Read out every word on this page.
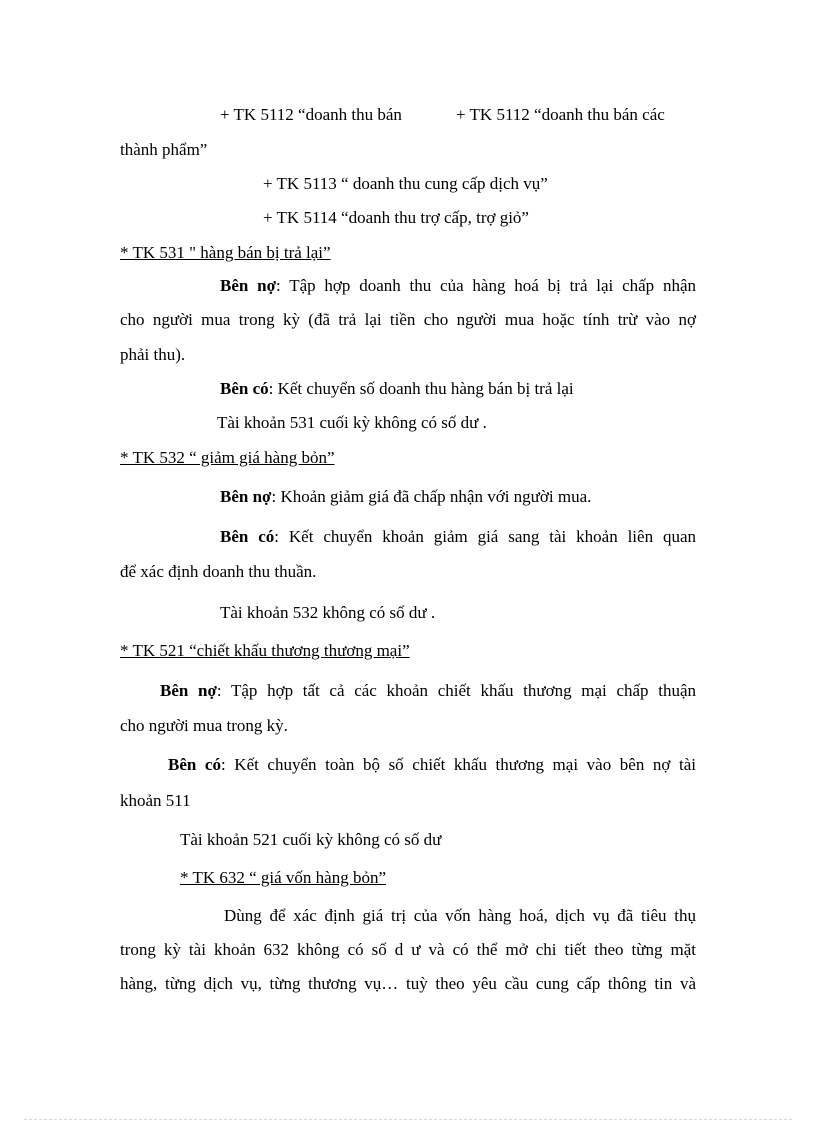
+ TK 5112 “doanh thu bán	+ TK 5112 “doanh thu bán các
thành phẩm”
+ TK 5113 “ doanh thu cung cấp dịch vụ”
+ TK 5114 “doanh thu trợ cấp, trợ giỏ”
* TK 531 " hàng bán bị trả lại”
Bên nợ: Tập hợp doanh thu của hàng hoá bị trả lại chấp nhận
cho người mua trong kỳ (đã trả lại tiền cho người mua hoặc tính trừ vào nợ
phải thu).
Bên có: Kết chuyển số doanh thu hàng bán bị trả lại
Tài khoản 531 cuối kỳ không có số dư .
* TK 532 “ giảm giá hàng bỏn”
Bên nợ: Khoản giảm giá đã chấp nhận với người mua.
Bên có: Kết chuyển khoản giảm giá sang tài khoản liên quan
để xác định doanh thu thuần.
Tài khoản 532 không có số dư .
* TK 521 “chiết khấu thương thương mại”
Bên nợ: Tập hợp tất cả các khoản chiết khấu thương mại chấp thuận
cho người mua trong kỳ.
Bên có: Kết chuyển toàn bộ số chiết khấu thương mại vào bên nợ tài
khoản 511
Tài khoản 521 cuối kỳ không có số dư
* TK 632 “ giá vốn hàng bỏn”
Dùng để xác định giá trị của vốn hàng hoá, dịch vụ đã tiêu thụ
trong kỳ tài khoản 632 không có số d ư và có thể mở chi tiết theo từng mặt
hàng, từng dịch vụ, từng thương vụ… tuỳ theo yêu cầu cung cấp thông tin và
